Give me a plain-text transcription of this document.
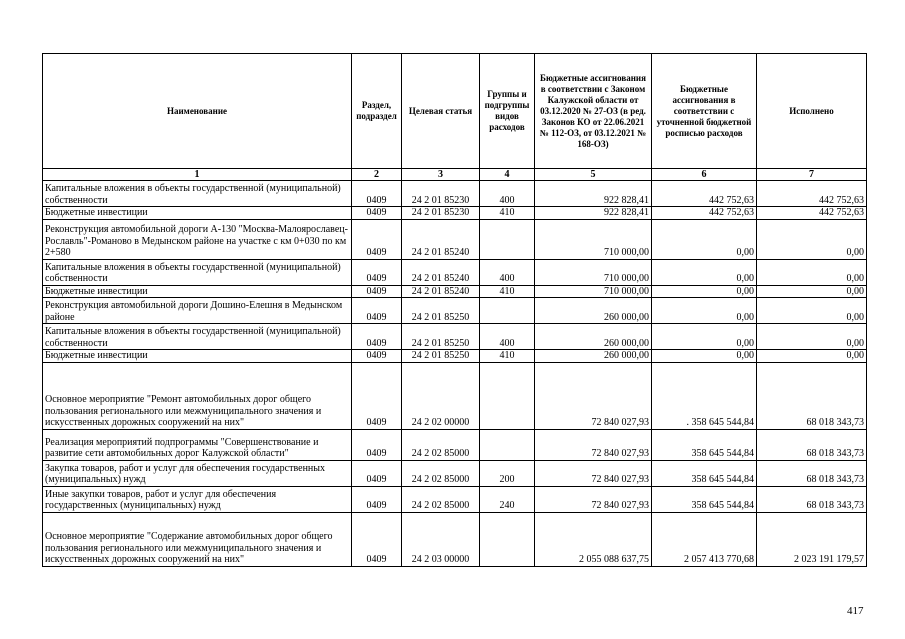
Наименование	Раздел, подраздел	Целевая статья	Группы и подгруппы видов расходов	Бюджетные ассигнования в соответствии с Законом Калужской области от 03.12.2020 № 27-ОЗ (в ред. Законов КО от 22.06.2021 № 112-ОЗ, от 03.12.2021 № 168-ОЗ)	Бюджетные ассигнования в соответствии с уточненной бюджетной росписью расходов	Исполнено
1	2	3	4	5	6	7
Капитальные вложения в объекты государственной (муниципальной) собственности	0409	24 2 01 85230	400	922 828,41	442 752,63	442 752,63
Бюджетные инвестиции	0409	24 2 01 85230	410	922 828,41	442 752,63	442 752,63
Реконструкция автомобильной дороги А-130 "Москва-Малоярославец-Рославль"-Романово в Медынском районе на участке с км 0+030 по км 2+580	0409	24 2 01 85240		710 000,00	0,00	0,00
Капитальные вложения в объекты государственной (муниципальной) собственности	0409	24 2 01 85240	400	710 000,00	0,00	0,00
Бюджетные инвестиции	0409	24 2 01 85240	410	710 000,00	0,00	0,00
Реконструкция автомобильной дороги Дошино-Елешня в Медынском районе	0409	24 2 01 85250		260 000,00	0,00	0,00
Капитальные вложения в объекты государственной (муниципальной) собственности	0409	24 2 01 85250	400	260 000,00	0,00	0,00
Бюджетные инвестиции	0409	24 2 01 85250	410	260 000,00	0,00	0,00
Основное мероприятие "Ремонт автомобильных дорог общего пользования регионального или межмуниципального значения и искусственных дорожных сооружений на них"	0409	24 2 02 00000		72 840 027,93	. 358 645 544,84	68 018 343,73
Реализация мероприятий подпрограммы "Совершенствование и развитие сети автомобильных дорог Калужской области"	0409	24 2 02 85000		72 840 027,93	358 645 544,84	68 018 343,73
Закупка товаров, работ и услуг для обеспечения государственных (муниципальных) нужд	0409	24 2 02 85000	200	72 840 027,93	358 645 544,84	68 018 343,73
Иные закупки товаров, работ и услуг для обеспечения государственных (муниципальных) нужд	0409	24 2 02 85000	240	72 840 027,93	358 645 544,84	68 018 343,73
Основное мероприятие "Содержание автомобильных дорог общего пользования регионального или межмуниципального значения и искусственных дорожных сооружений на них"	0409	24 2 03 00000		2 055 088 637,75	2 057 413 770,68	2 023 191 179,57
417
